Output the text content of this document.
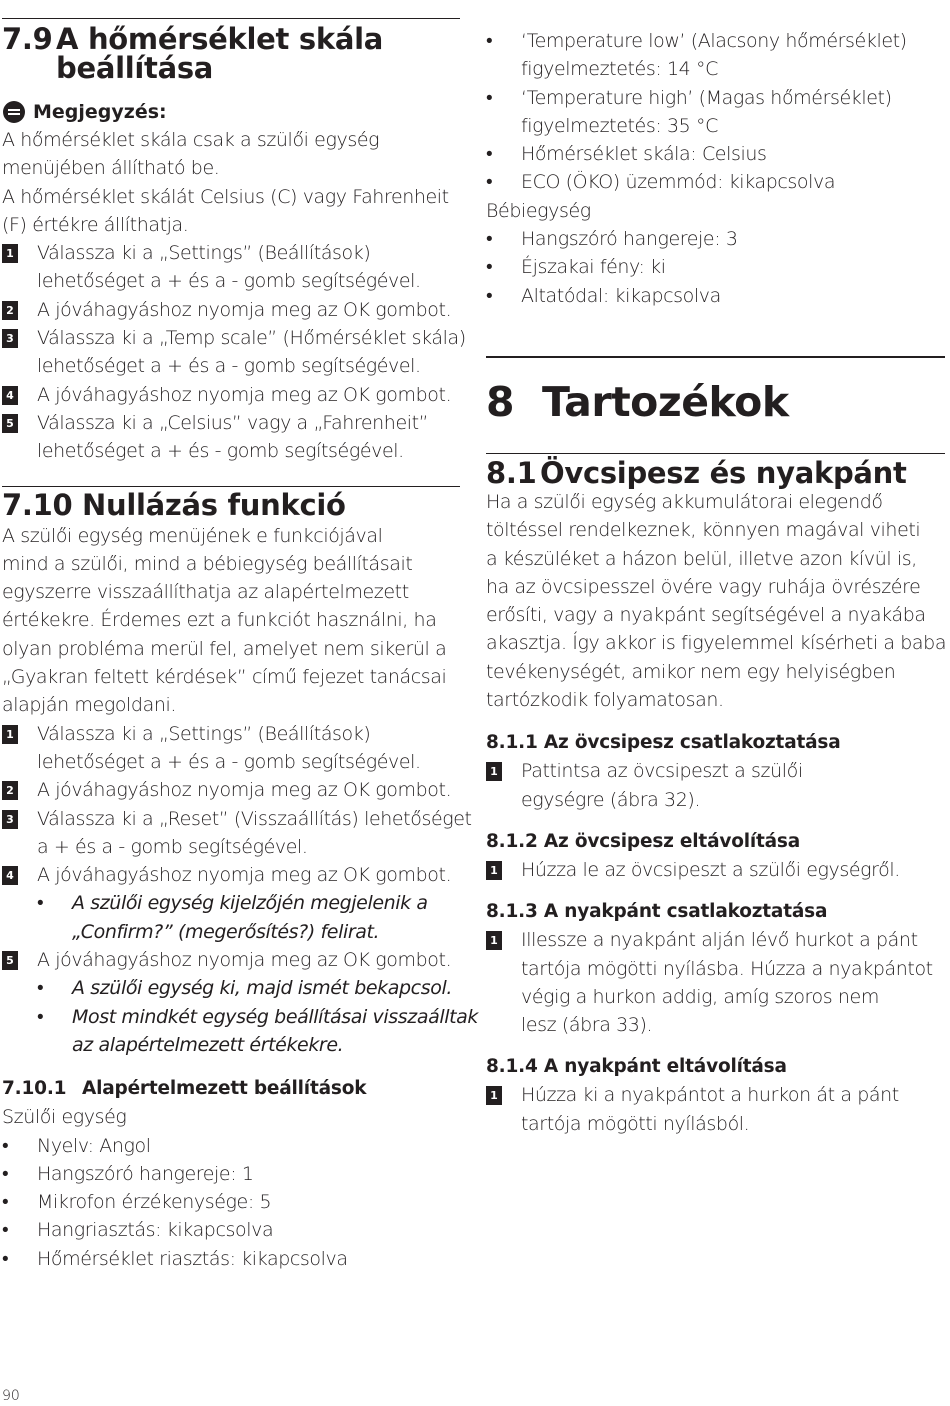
7.9 A hőmérséklet skála
beállítása
Megjegyzés:

A hőmérséklet skála csak a szülői egység

menüjében állítható be.

A hőmérséklet skálát Celsius (C) vagy Fahrenheit

(F) értékre állíthatja.

1 Válassza ki a „Settings” (Beállítások)

lehetőséget a + és a - gomb segítségével.

2 A jóváhagyáshoz nyomja meg az OK gombot.

3 Válassza ki a „Temp scale” (Hőmérséklet skála)

lehetőséget a + és a - gomb segítségével.

4 A jóváhagyáshoz nyomja meg az OK gombot.

5 Válassza ki a „Celsius” vagy a „Fahrenheit”

lehetőséget a + és - gomb segítségével.

7.10 Nullázás funkció

A szülői egység menüjének e funkciójával

mind a szülői, mind a bébiegység beállításait

egyszerre visszaállíthatja az alapértelmezett

értékekre. Érdemes ezt a funkciót használni, ha

olyan probléma merül fel, amelyet nem sikerül a

„Gyakran feltett kérdések” című fejezet tanácsai

alapján megoldani.

1 Válassza ki a „Settings” (Beállítások)

lehetőséget a + és a - gomb segítségével.

2 A jóváhagyáshoz nyomja meg az OK gombot.

3 Válassza ki a „Reset” (Visszaállítás) lehetőséget

a + és a - gomb segítségével.

4 A jóváhagyáshoz nyomja meg az OK gombot.

•	A szülői egység kijelzőjén megjelenik a

„Confirm?” (megerősítés?) felirat.

5 A jóváhagyáshoz nyomja meg az OK gombot.

•	A szülői egység ki, majd ismét bekapcsol.

•	Most mindkét egység beállításai visszaálltak

az alapértelmezett értékekre.

7.10.1 Alapértelmezett beállítások

Szülői egység

•	Nyelv: Angol

•	Hangszóró hangereje: 1

•	Mikrofon érzékenysége: 5

•	Hangriasztás: kikapcsolva

•	Hőmérséklet riasztás: kikapcsolva

•	‘Temperature low’ (Alacsony hőmérséklet)

figyelmeztetés: 14 °C

•	‘Temperature high’ (Magas hőmérséklet)

figyelmeztetés: 35 °C

•	Hőmérséklet skála: Celsius

•	ECO (ÖKO) üzemmód: kikapcsolva

Bébiegység

•	Hangszóró hangereje: 3

•	Éjszakai fény: ki

•	Altatódal: kikapcsolva

8 Tartozékok
8.1 Övcsipesz és nyakpánt

Ha a szülői egység akkumulátorai elegendő

töltéssel rendelkeznek, könnyen magával viheti

a készüléket a házon belül, illetve azon kívül is,

ha az övcsipesszel övére vagy ruhája övrészére

erősíti, vagy a nyakpánt segítségével a nyakába

akasztja. Így akkor is figyelemmel kísérheti a baba

tevékenységét, amikor nem egy helyiségben

tartózkodik folyamatosan.

8.1.1 Az övcsipesz csatlakoztatása
1 Pattintsa az övcsipeszt a szülői

egységre (ábra 32).

8.1.2 Az övcsipesz eltávolítása
1 Húzza le az övcsipeszt a szülői egységről.

8.1.3 A nyakpánt csatlakoztatása
1 Illessze a nyakpánt alján lévő hurkot a pánt

tartója mögötti nyílásba. Húzza a nyakpántot

végig a hurkon addig, amíg szoros nem

lesz (ábra 33).

8.1.4 A nyakpánt eltávolítása
1 Húzza ki a nyakpántot a hurkon át a pánt

tartója mögötti nyílásból.

90
